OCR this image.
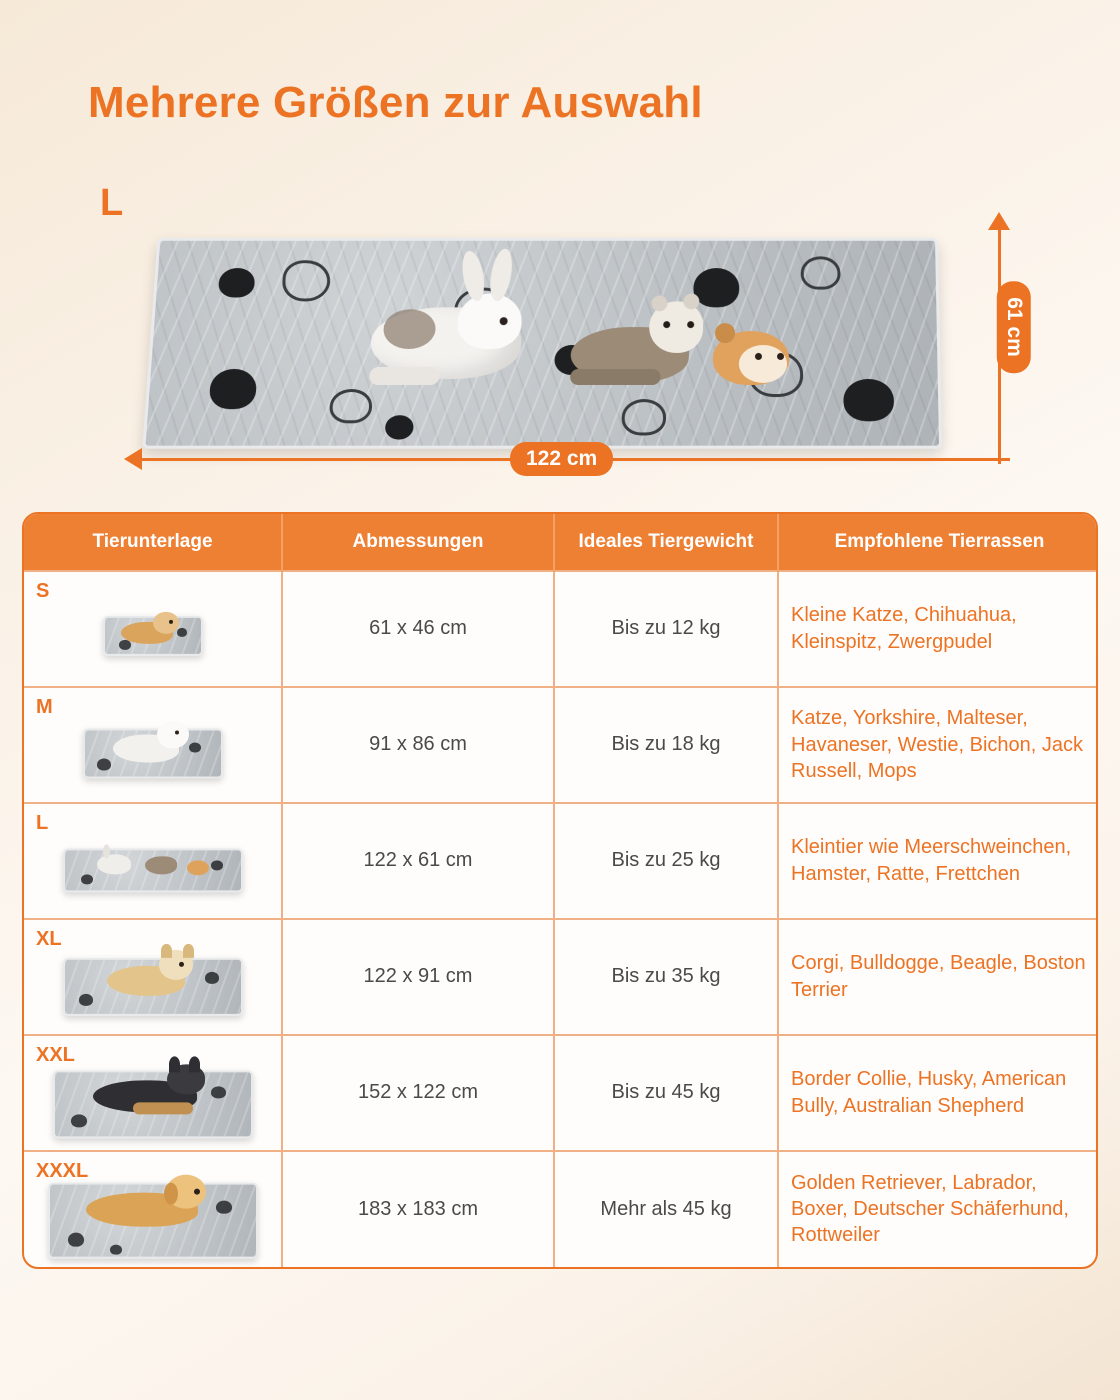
Mehrere Größen zur Auswahl
L
122 cm
61 cm
Tierunterlage	Abmessungen	Ideales Tiergewicht	Empfohlene Tierrassen

S	61 x 46 cm	Bis zu 12 kg	Kleine Katze, Chihuahua, Kleinspitz, Zwergpudel

M	91 x 86 cm	Bis zu 18 kg	Katze, Yorkshire, Malteser, Havaneser, Westie, Bichon, Jack Russell, Mops

L	122 x 61 cm	Bis zu 25 kg	Kleintier wie Meerschweinchen, Hamster, Ratte, Frettchen

XL	122 x 91 cm	Bis zu 35 kg	Corgi, Bulldogge, Beagle, Boston Terrier

XXL	152 x 122 cm	Bis zu 45 kg	Border Collie, Husky, American Bully, Australian Shepherd

XXXL	183 x 183 cm	Mehr als 45 kg	Golden Retriever, Labrador, Boxer, Deutscher Schäferhund, Rottweiler
